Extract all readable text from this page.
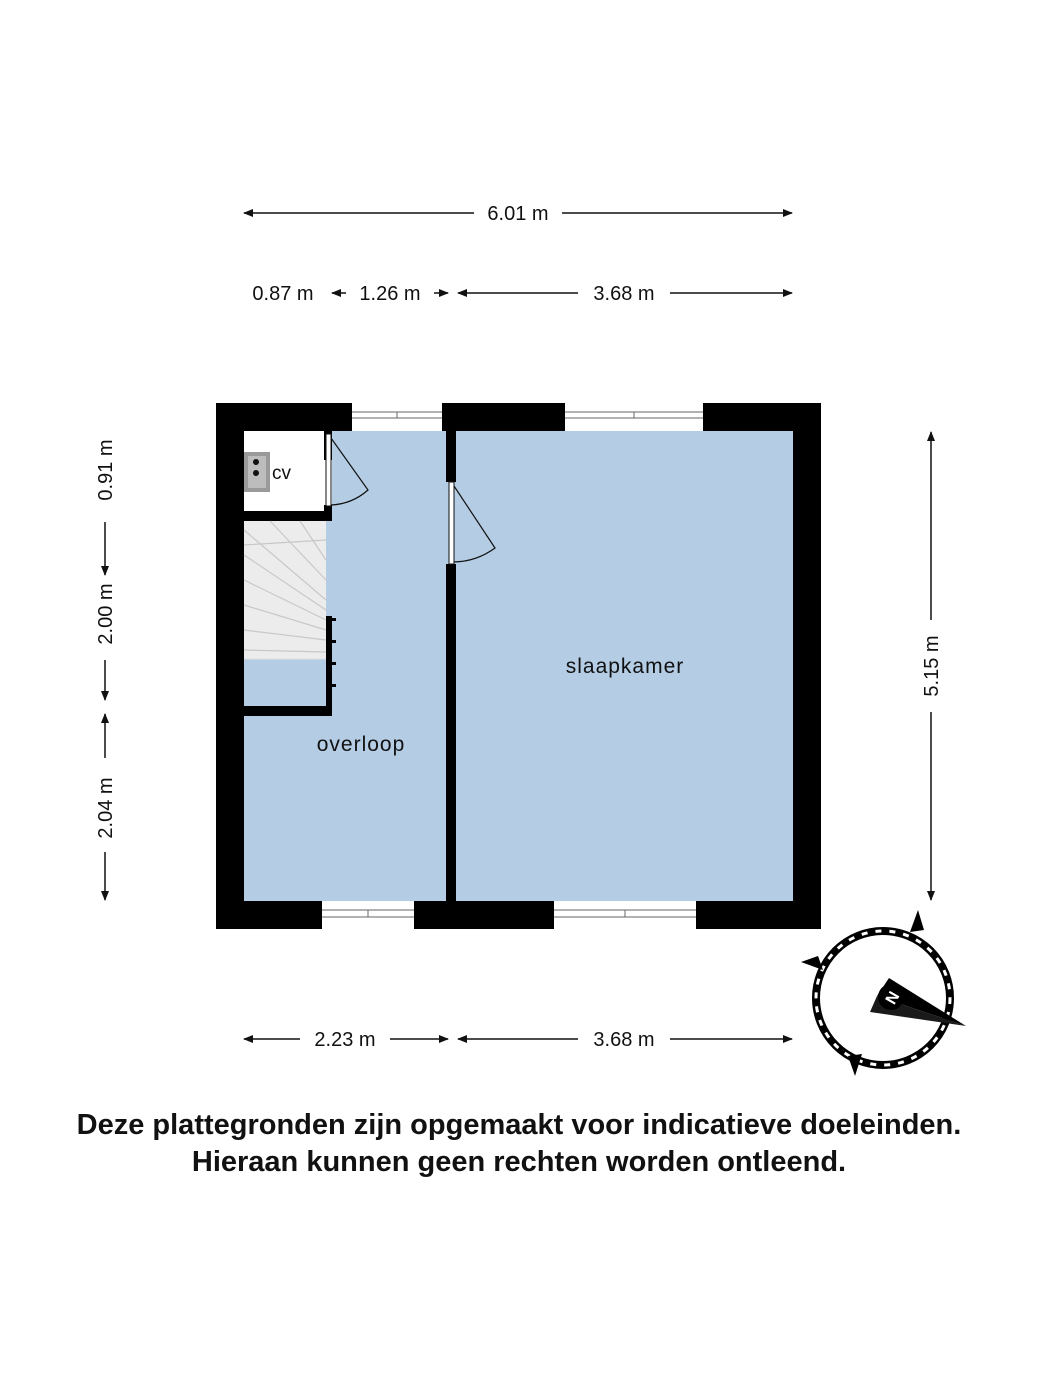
6.01 m
0.87 m 1.26 m	3.68 m
0.91 m
2.00 m
2.04 m
5.15 m
2.23 m	3.68 m
cv
overloop
slaapkamer
N
Deze plattegronden zijn opgemaakt voor indicatieve doeleinden.
Hieraan kunnen geen rechten worden ontleend.
